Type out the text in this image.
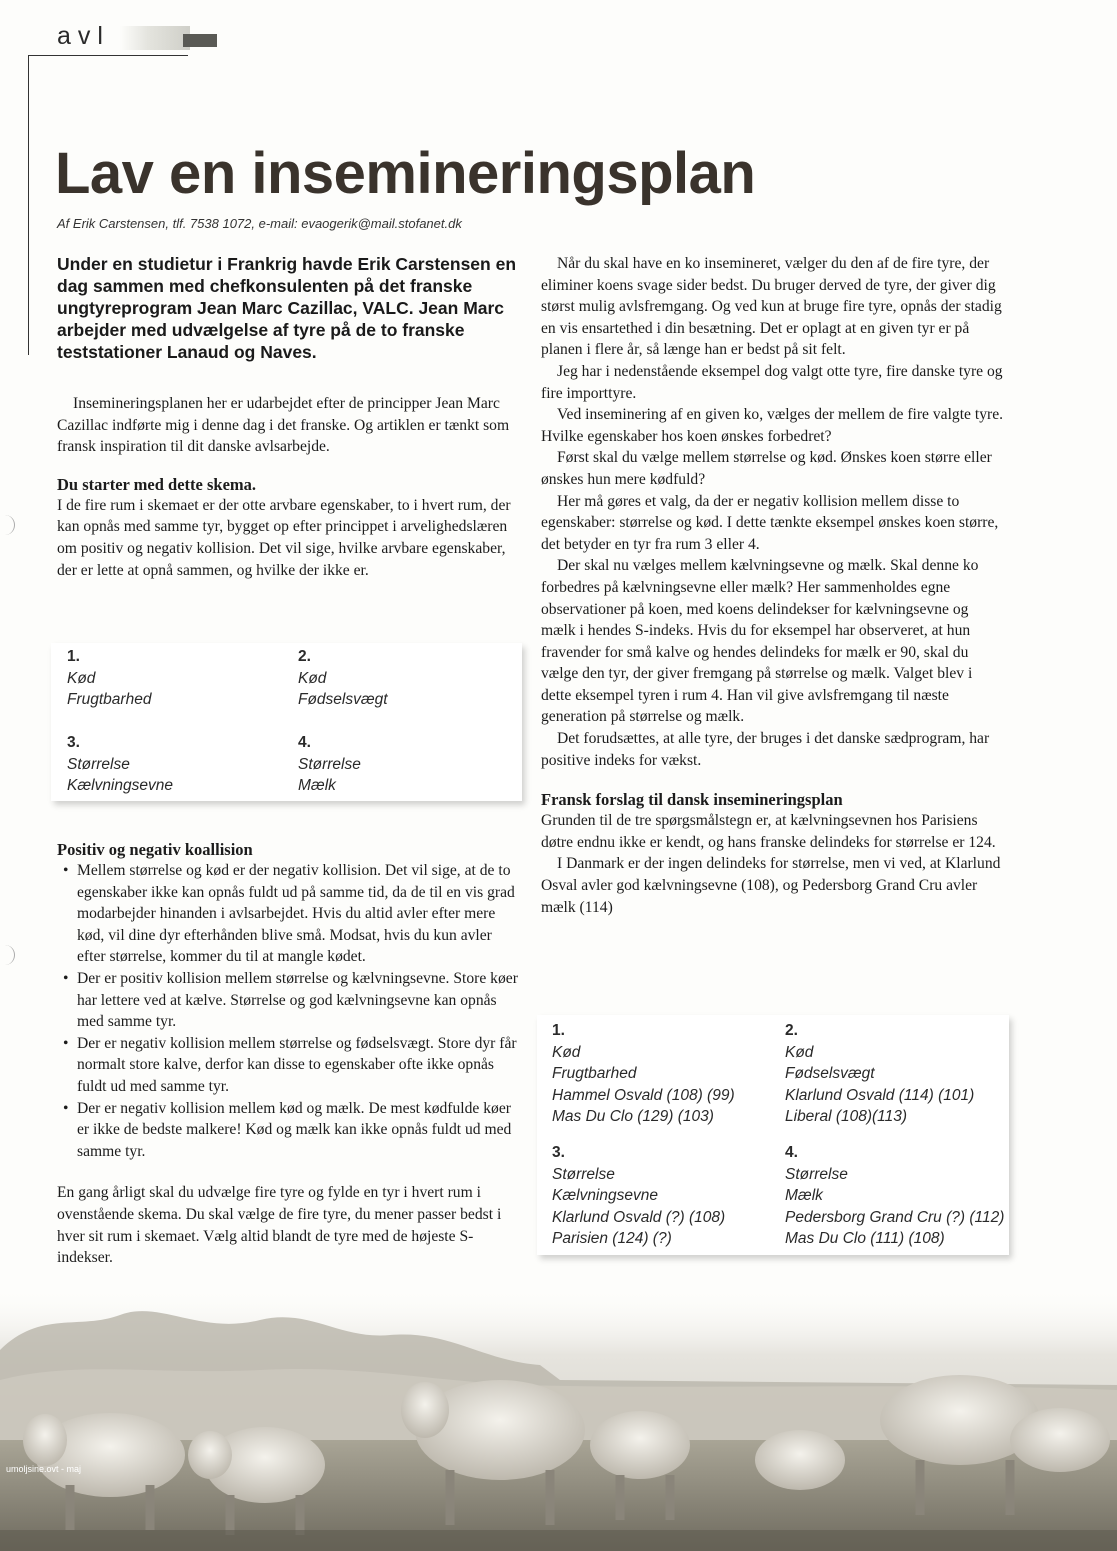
avl
Lav en insemineringsplan
Af Erik Carstensen, tlf. 7538 1072, e-mail: evaogerik@mail.stofanet.dk

Under en studietur i Frankrig havde Erik Carstensen en dag sammen med chefkonsulenten på det franske ungtyreprogram Jean Marc Cazillac, VALC. Jean Marc arbejder med udvælgelse af tyre på de to franske teststationer Lanaud og Naves.

Insemineringsplanen her er udarbejdet efter de principper Jean Marc Cazillac indførte mig i denne dag i det franske. Og artiklen er tænkt som fransk inspiration til dit danske avlsarbejde.

Du starter med dette skema.

I de fire rum i skemaet er der otte arvbare egenskaber, to i hvert rum, der kan opnås med samme tyr, bygget op efter princippet i arvelighedslæren om positiv og negativ kollision. Det vil sige, hvilke arvbare egenskaber, der er lette at opnå sammen, og hvilke der ikke er.

1.
Kød
Frugtbarhed
2.
Kød
Fødselsvægt
3.
Størrelse
Kælvningsevne
4.
Størrelse
Mælk

Positiv og negativ koallision

• Mellem størrelse og kød er der negativ kollision. Det vil sige, at de to egenskaber ikke kan opnås fuldt ud på samme tid, da de til en vis grad modarbejder hinanden i avlsarbejdet. Hvis du altid avler efter mere kød, vil dine dyr efterhånden blive små. Modsat, hvis du kun avler efter størrelse, kommer du til at mangle kødet.
• Der er positiv kollision mellem størrelse og kælvningsevne. Store køer har lettere ved at kælve. Størrelse og god kælvningsevne kan opnås med samme tyr.
• Der er negativ kollision mellem størrelse og fødselsvægt. Store dyr får normalt store kalve, derfor kan disse to egenskaber ofte ikke opnås fuldt ud med samme tyr.
• Der er negativ kollision mellem kød og mælk. De mest kødfulde køer er ikke de bedste malkere! Kød og mælk kan ikke opnås fuldt ud med samme tyr.

En gang årligt skal du udvælge fire tyre og fylde en tyr i hvert rum i ovenstående skema. Du skal vælge de fire tyre, du mener passer bedst i hver sit rum i skemaet. Vælg altid blandt de tyre med de højeste S-indekser.

Når du skal have en ko insemineret, vælger du den af de fire tyre, der eliminer koens svage sider bedst. Du bruger derved de tyre, der giver dig størst mulig avlsfremgang. Og ved kun at bruge fire tyre, opnås der stadig en vis ensartethed i din besætning. Det er oplagt at en given tyr er på planen i flere år, så længe han er bedst på sit felt.

Jeg har i nedenstående eksempel dog valgt otte tyre, fire danske tyre og fire importtyre.

Ved inseminering af en given ko, vælges der mellem de fire valgte tyre. Hvilke egenskaber hos koen ønskes forbedret?

Først skal du vælge mellem størrelse og kød. Ønskes koen større eller ønskes hun mere kødfuld?

Her må gøres et valg, da der er negativ kollision mellem disse to egenskaber: størrelse og kød. I dette tænkte eksempel ønskes koen større, det betyder en tyr fra rum 3 eller 4.

Der skal nu vælges mellem kælvningsevne og mælk. Skal denne ko forbedres på kælvningsevne eller mælk? Her sammenholdes egne observationer på koen, med koens delindekser for kælvningsevne og mælk i hendes S-indeks. Hvis du for eksempel har observeret, at hun fravender for små kalve og hendes delindeks for mælk er 90, skal du vælge den tyr, der giver fremgang på størrelse og mælk. Valget blev i dette eksempel tyren i rum 4. Han vil give avlsfremgang til næste generation på størrelse og mælk.

Det forudsættes, at alle tyre, der bruges i det danske sædprogram, har positive indeks for vækst.

Fransk forslag til dansk insemineringsplan

Grunden til de tre spørgsmålstegn er, at kælvningsevnen hos Parisiens døtre endnu ikke er kendt, og hans franske delindeks for størrelse er 124.

I Danmark er der ingen delindeks for størrelse, men vi ved, at Klarlund Osval avler god kælvningsevne (108), og Pedersborg Grand Cru avler mælk (114)

1.
Kød
Frugtbarhed
Hammel Osvald (108) (99)
Mas Du Clo (129) (103)
2.
Kød
Fødselsvægt
Klarlund Osvald (114) (101)
Liberal (108)(113)
3.
Størrelse
Kælvningsevne
Klarlund Osvald (?) (108)
Parisien (124) (?)
4.
Størrelse
Mælk
Pedersborg Grand Cru (?) (112)
Mas Du Clo (111) (108)
umoljsine.ovt - maj
